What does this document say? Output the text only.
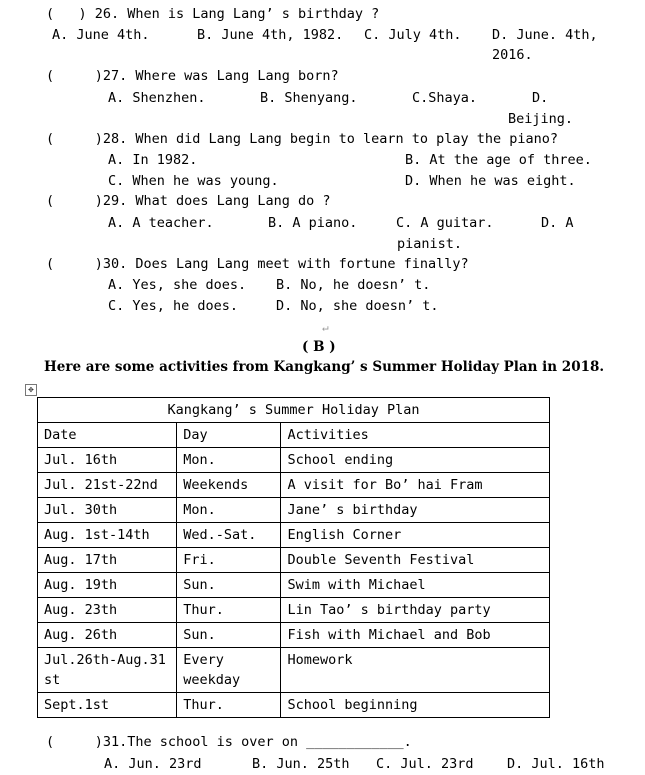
(   ) 26. When is Lang Lang’ s birthday ?
A. June 4th.	B. June 4th, 1982. C. July 4th. D. June. 4th,
2016.
(     )27. Where was Lang Lang born?
A. Shenzhen.	B. Shenyang.	C.Shaya.	D.
Beijing.
(     )28. When did Lang Lang begin to learn to play the piano?
A. In 1982.	B. At the age of three.
C. When he was young.	D. When he was eight.
(     )29. What does Lang Lang do ?
A. A teacher.	B. A piano.	C. A guitar.	D. A
pianist.
(     )30. Does Lang Lang meet with fortune finally?
A. Yes, she does. B. No, he doesn’ t.
C. Yes, he does.	D. No, she doesn’ t.
↵
( B )
Here are some activities from Kangkang’ s Summer Holiday Plan in 2018.
✥
Kangkang’ s Summer Holiday Plan		
Date	Day	Activities
Jul. 16th	Mon.	School ending
Jul. 21st-22nd	Weekends	A visit for Bo’ hai Fram
Jul. 30th	Mon.	Jane’ s birthday
Aug. 1st-14th	Wed.-Sat.	English Corner
Aug. 17th	Fri.	Double Seventh Festival
Aug. 19th	Sun.	Swim with Michael
Aug. 23th	Thur.	Lin Tao’ s birthday party
Aug. 26th	Sun.	Fish with Michael and Bob
Jul.26th-Aug.31 st	Every weekday	Homework
Sept.1st	Thur.	School beginning
(     )31.The school is over on ____________.
A. Jun. 23rd	B. Jun. 25th C. Jul. 23rd D. Jul. 16th
